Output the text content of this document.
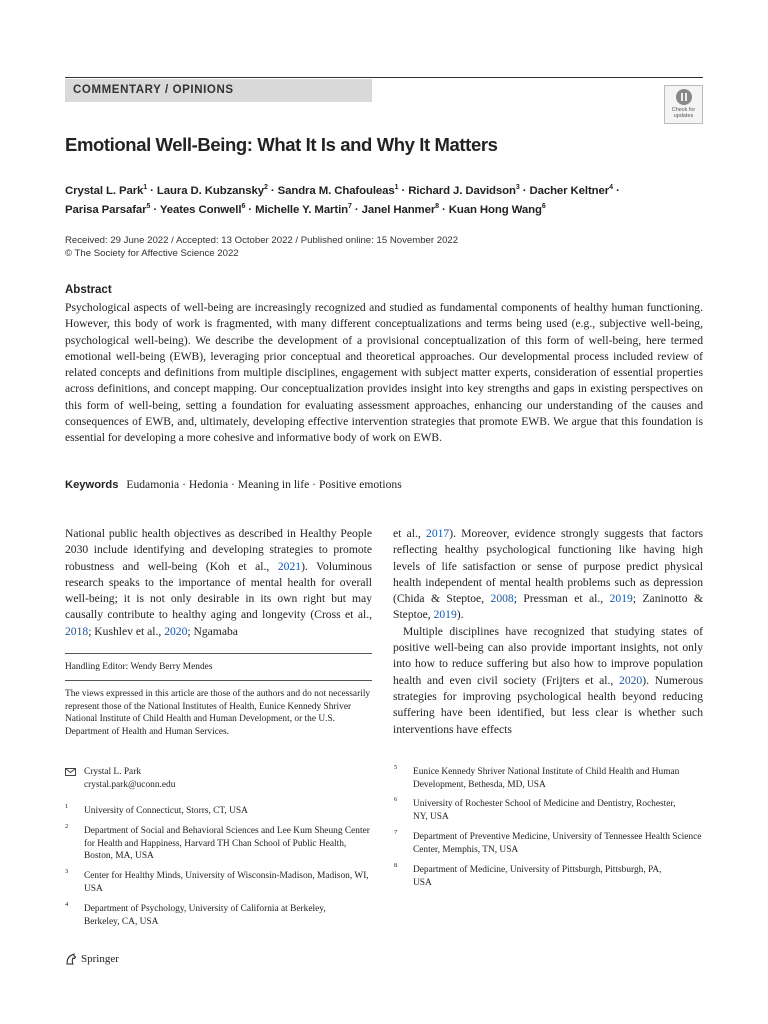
COMMENTARY / OPINIONS
Check for
updates
Emotional Well-Being: What It Is and Why It Matters
Crystal L. Park$^1$ · Laura D. Kubzansky$^2$ · Sandra M. Chafouleas$^1$ · Richard J. Davidson$^3$ · Dacher Keltner$^4$ ·
Parisa Parsafar$^5$ · Yeates Conwell$^6$ · Michelle Y. Martin$^7$ · Janel Hanmer$^8$ · Kuan Hong Wang$^6$
Received: 29 June 2022 / Accepted: 13 October 2022 / Published online: 15 November 2022
© The Society for Affective Science 2022
Abstract
Psychological aspects of well-being are increasingly recognized and studied as fundamental components of healthy human functioning. However, this body of work is fragmented, with many different conceptualizations and terms being used (e.g., subjective well-being, psychological well-being). We describe the development of a provisional conceptualization of this form of well-being, here termed emotional well-being (EWB), leveraging prior conceptual and theoretical approaches. Our developmental process included review of related concepts and definitions from multiple disciplines, engagement with subject matter experts, consideration of essential properties across definitions, and concept mapping. Our conceptualization provides insight into key strengths and gaps in existing perspectives on this form of well-being, setting a foundation for evaluating assessment approaches, enhancing our understanding of the causes and consequences of EWB, and, ultimately, developing effective intervention strategies that promote EWB. We argue that this foundation is essential for developing a more cohesive and informative body of work on EWB.
Keywords Eudamonia · Hedonia · Meaning in life · Positive emotions
National public health objectives as described in Healthy People 2030 include identifying and developing strategies to promote robustness and well-being (Koh et al., 2021). Voluminous research speaks to the importance of mental health for overall well-being; it is not only desirable in its own right but may causally contribute to healthy aging and longevity (Cross et al., 2018; Kushlev et al., 2020; Ngamaba
et al., 2017). Moreover, evidence strongly suggests that factors reflecting healthy psychological functioning like having high levels of life satisfaction or sense of purpose predict physical health independent of mental health problems such as depression (Chida & Steptoe, 2008; Pressman et al., 2019; Zaninotto & Steptoe, 2019).
Multiple disciplines have recognized that studying states of positive well-being can also provide important insights, not only into how to reduce suffering but also how to improve population health and even civil society (Frijters et al., 2020). Numerous strategies for improving psychological health beyond reducing suffering have been identified, but less clear is whether such interventions have effects
Handling Editor: Wendy Berry Mendes
The views expressed in this article are those of the authors and do not necessarily represent those of the National Institutes of Health, Eunice Kennedy Shriver National Institute of Child Health and Human Development, or the U.S. Department of Health and Human Services.
Crystal L. Park
crystal.park@uconn.edu
1 University of Connecticut, Storrs, CT, USA
2 Department of Social and Behavioral Sciences and Lee Kum Sheung Center for Health and Happiness, Harvard TH Chan School of Public Health, Boston, MA, USA
3 Center for Healthy Minds, University of Wisconsin-Madison, Madison, WI, USA
4 Department of Psychology, University of California at Berkeley, Berkeley, CA, USA
5 Eunice Kennedy Shriver National Institute of Child Health and Human Development, Bethesda, MD, USA
6 University of Rochester School of Medicine and Dentistry, Rochester, NY, USA
7 Department of Preventive Medicine, University of Tennessee Health Science Center, Memphis, TN, USA
8 Department of Medicine, University of Pittsburgh, Pittsburgh, PA, USA
Springer
